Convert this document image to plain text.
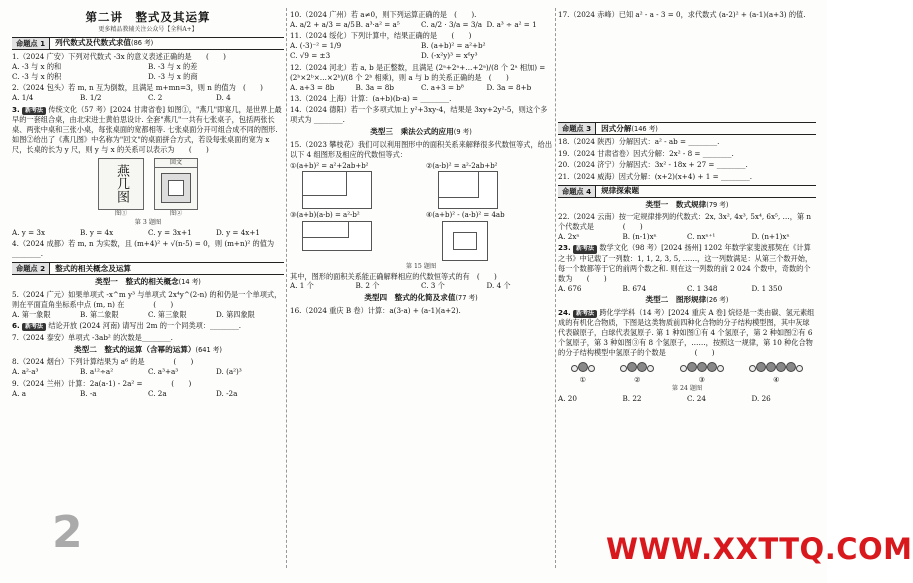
第二讲　整式及其运算
更多精品教辅关注公众号【全科A+】
命题点 1	列代数式及代数式求值(86 考)
1.（2024 广安）下列对代数式 -3x 的意义表述正确的是　　(　　)
A. -3 与 x 的和	B. -3 与 x 的差
C. -3 与 x 的积	D. -3 与 x 的商
2.（2024 包头）若 m, n 互为倒数，且满足 m+mn=3，则 n 的值为　(　　)
A. 1/4	B. 1/2	C. 2	D. 4
3. 新考法 传统文化（57 考）[2024 甘肃省卷] 如图①，"燕几"即宴几，是世界上最早的一套组合桌，由北宋进士黄伯思设计. 全套"燕几"一共有七张桌子，包括两张长桌、两张中桌和三张小桌，每张桌面的宽都相等. 七张桌面分开可组合成不同的图形. 如图②给出了《燕几图》中名称为"回文"的桌面拼合方式，若设每张桌面的宽为 x 尺，长桌的长为 y 尺，则 y 与 x 的关系可以表示为　　(　　)
燕几图
图①
回文
图②
第 3 题图
A. y = 3x	B. y = 4x	C. y = 3x+1	D. y = 4x+1
4.（2024 成都）若 m, n 为实数，且 (m+4)² + √(n-5) = 0，则 (m+n)² 的值为 ________.
命题点 2	整式的相关概念及运算
类型一　整式的相关概念(14 考)
5.（2024 广元）如果单项式 -x^m y³ 与单项式 2x⁴y^(2-n) 的和仍是一个单项式，则在平面直角坐标系中点 (m, n) 在　　　　(　　)
A. 第一象限	B. 第二象限	C. 第三象限	D. 第四象限
6. 新考法 结论开放 (2024 河南) 请写出 2m 的一个同类项：________.
7.（2024 泰安）单项式 -3ab² 的次数是________.
类型二　整式的运算（含幂的运算）(641 考)
8.（2024 烟台）下列计算结果为 a⁶ 的是　　　　(　　)
A. a²·a³	B. a¹²÷a²	C. a³+a³	D. (a²)³
9.（2024 兰州）计算：2a(a-1) - 2a² =　　　　(　　)
A. a	B. -a	C. 2a	D. -2a
10.（2024 广州）若 a≠0，则下列运算正确的是　(　　).
A. a/2 + a/3 = a/5 B. a³·a² = a⁵	C. a/2 · 3/a = 3/a D. a³ ÷ a² = 1
11.（2024 绥化）下列计算中，结果正确的是　　(　　)
A. (-3)⁻² = 1/9	B. (a+b)² = a²+b²
C. √9 = ±3	D. (-x²y)³ = x⁶y³
12.（2024 河北）若 a, b 是正整数，且满足 (2ᵃ+2ᵃ+…+2ᵃ)/(8 个 2ᵃ 相加) = (2ᵇ×2ᵇ×…×2ᵇ)/(8 个 2ᵇ 相乘)，则 a 与 b 的关系正确的是　(　　)
A. a+3 = 8b	B. 3a = 8b	C. a+3 = b⁸	D. 3a = 8+b
13.（2024 上海）计算：(a+b)(b-a) = ________.
14.（2024 德阳）若一个多项式加上 y²+3xy-4，结果是 3xy+2y²-5，则这个多项式为 ________.
类型三　乘法公式的应用(9 考)
15.（2023 攀枝花）我们可以利用图形中的面积关系来解释很多代数恒等式，给出以下 4 组图形及相应的代数恒等式：
①(a+b)² = a²+2ab+b²	②(a-b)² = a²-2ab+b²
③(a+b)(a-b) = a²-b²	④(a+b)² - (a-b)² = 4ab
第 15 题图
其中，图形的面积关系能正确解释相应的代数恒等式的有　(　　)
A. 1 个	B. 2 个	C. 3 个	D. 4 个
类型四　整式的化简及求值(77 考)
16.（2024 重庆 B 卷）计算：a(3-a) + (a-1)(a+2).
17.（2024 赤峰）已知 a² - a - 3 = 0，求代数式 (a-2)² + (a-1)(a+3) 的值.
命题点 3	因式分解(146 考)
18.（2024 陕西）分解因式：a² - ab = ________.
19.（2024 甘肃省卷）因式分解：2x² - 8 = ________.
20.（2024 济宁）分解因式：3x² - 18x + 27 = ________.
21.（2024 威海）因式分解：(x+2)(x+4) + 1 = ________.
命题点 4	规律探索题
类型一　数式规律(79 考)
22.（2024 云南）按一定规律排列的代数式：2x, 3x², 4x³, 5x⁴, 6x⁵, …，第 n 个代数式是　　　　(　　)
A. 2xⁿ	B. (n-1)xⁿ	C. nxⁿ⁺¹	D. (n+1)xⁿ
23. 新考法 数学文化（98 考）[2024 扬州] 1202 年数学家斐波那契在《计算之书》中记载了一列数：1, 1, 2, 3, 5, ……，这一列数满足：从第三个数开始，每一个数都等于它的前两个数之和. 则在这一列数的前 2 024 个数中，奇数的个数为　　(　　)
A. 676	B. 674	C. 1 348	D. 1 350
类型二　图形规律(26 考)
24. 新考法 跨化学学科（14 考）[2024 重庆 A 卷] 烷烃是一类由碳、氢元素组成的有机化合物质，下图是这类物质前四种化合物的分子结构模型图，其中灰球代表碳原子，白球代表氢原子. 第 1 种如图①有 4 个氢原子，第 2 种如图②有 6 个氢原子，第 3 种如图③有 8 个氢原子，……，按照这一规律，第 10 种化合物的分子结构模型中氢原子的个数是　　　　(　　)
①	②	③	④
第 24 题图
A. 20	B. 22	C. 24	D. 26
2	WWW.XXTTQ.COM
